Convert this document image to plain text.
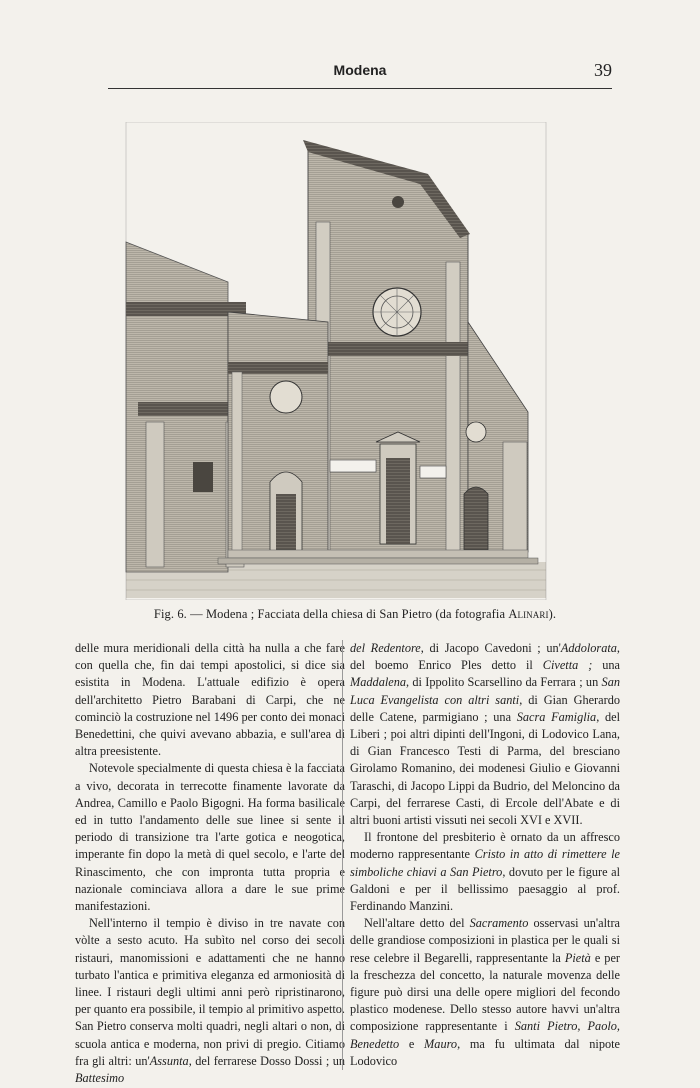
Modena	39
Fig. 6. — Modena ; Facciata della chiesa di San Pietro (da fotografia Alinari).

delle mura meridionali della città ha nulla a che fare con quella che, fin dai tempi apostolici, si dice sia esistita in Modena. L'attuale edifizio è opera dell'architetto Pietro Barabani di Carpi, che ne cominciò la costruzione nel 1496 per conto dei monaci Benedettini, che quivi avevano abbazia, e sull'area di altra preesistente.

Notevole specialmente di questa chiesa è la facciata a vivo, decorata in terrecotte finamente lavorate da Andrea, Camillo e Paolo Bigogni. Ha forma basilicale ed in tutto l'andamento delle sue linee si sente il periodo di transizione tra l'arte gotica e neogotica, imperante fin dopo la metà di quel secolo, e l'arte del Rinascimento, che con impronta tutta propria e nazionale cominciava allora a dare le sue prime manifestazioni.

Nell'interno il tempio è diviso in tre navate con vòlte a sesto acuto. Ha subìto nel corso dei secoli ristauri, manomissioni e adattamenti che ne hanno turbato l'antica e primitiva eleganza ed armoniosità di linee. I ristauri degli ultimi anni però ripristinarono, per quanto era possibile, il tempio al primitivo aspetto. San Pietro conserva molti quadri, negli altari o non, di scuola antica e moderna, non privi di pregio. Citiamo fra gli altri: un'Assunta, del ferrarese Dosso Dossi ; un Battesimo

del Redentore, di Jacopo Cavedoni ; un'Addolorata, del boemo Enrico Ples detto il Civetta ; una Maddalena, di Ippolito Scarsellino da Ferrara ; un San Luca Evangelista con altri santi, di Gian Gherardo delle Catene, parmigiano ; una Sacra Famiglia, del Liberi ; poi altri dipinti dell'Ingoni, di Lodovico Lana, di Gian Francesco Testi di Parma, del bresciano Girolamo Romanino, dei modenesi Giulio e Giovanni Taraschi, di Jacopo Lippi da Budrio, del Meloncino da Carpi, del ferrarese Casti, di Ercole dell'Abate e di altri buoni artisti vissuti nei secoli XVI e XVII.

Il frontone del presbiterio è ornato da un affresco moderno rappresentante Cristo in atto di rimettere le simboliche chiavi a San Pietro, dovuto per le figure al Galdoni e per il bellissimo paesaggio al prof. Ferdinando Manzini.

Nell'altare detto del Sacramento osservasi un'altra delle grandiose composizioni in plastica per le quali si rese celebre il Begarelli, rappresentante la Pietà e per la freschezza del concetto, la naturale movenza delle figure può dirsi una delle opere migliori del fecondo plastico modenese. Dello stesso autore havvi un'altra composizione rappresentante i Santi Pietro, Paolo, Benedetto e Mauro, ma fu ultimata dal nipote Lodovico
